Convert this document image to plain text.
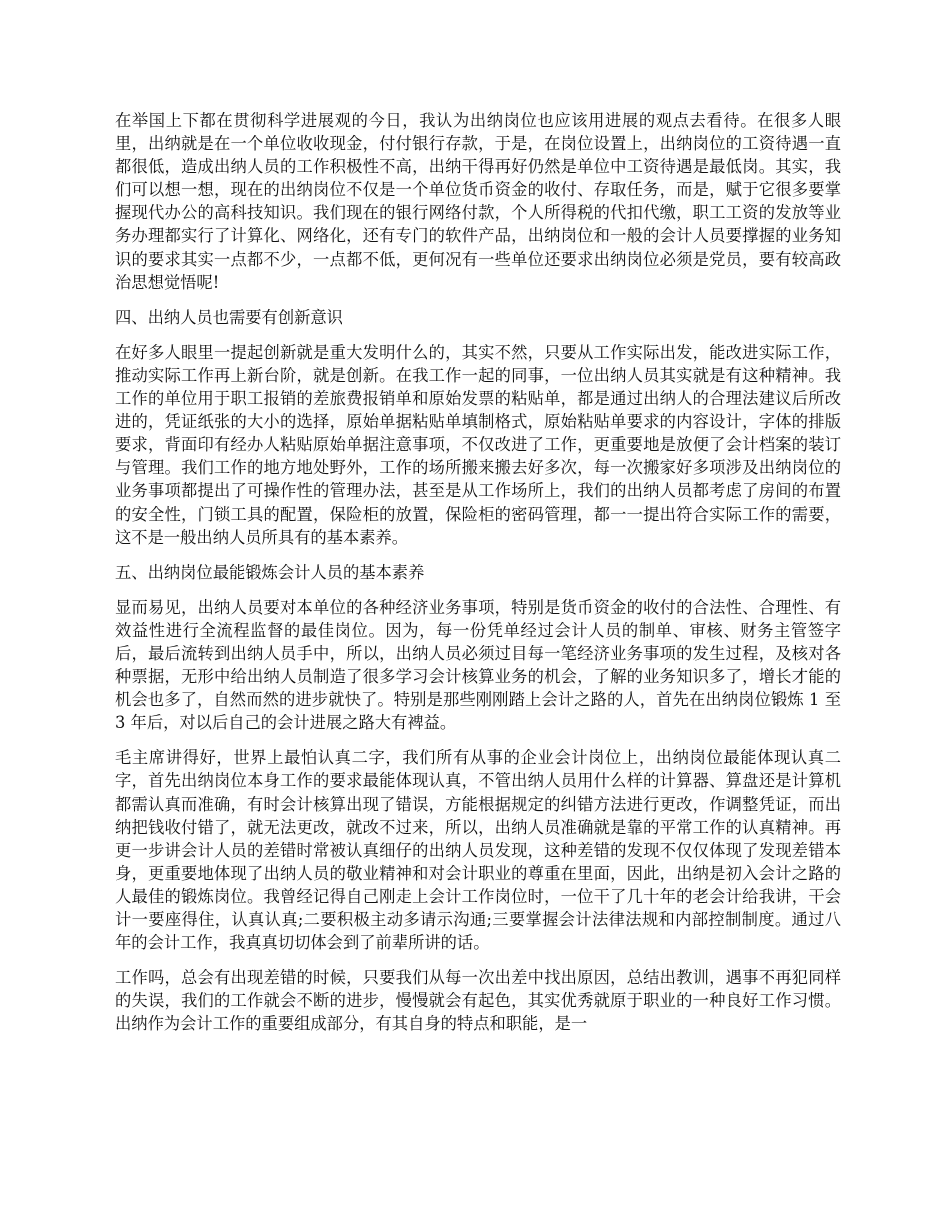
在举国上下都在贯彻科学进展观的今日，我认为出纳岗位也应该用进展的观点去看待。在很多人眼里，出纳就是在一个单位收收现金，付付银行存款，于是，在岗位设置上，出纳岗位的工资待遇一直都很低，造成出纳人员的工作积极性不高，出纳干得再好仍然是单位中工资待遇是最低岗。其实，我们可以想一想，现在的出纳岗位不仅是一个单位货币资金的收付、存取任务，而是，赋于它很多要掌握现代办公的高科技知识。我们现在的银行网络付款，个人所得税的代扣代缴，职工工资的发放等业务办理都实行了计算化、网络化，还有专门的软件产品，出纳岗位和一般的会计人员要撑握的业务知识的要求其实一点都不少，一点都不低，更何况有一些单位还要求出纳岗位必须是党员，要有较高政治思想觉悟呢!

四、出纳人员也需要有创新意识

在好多人眼里一提起创新就是重大发明什么的，其实不然，只要从工作实际出发，能改进实际工作，推动实际工作再上新台阶，就是创新。在我工作一起的同事，一位出纳人员其实就是有这种精神。我工作的单位用于职工报销的差旅费报销单和原始发票的粘贴单，都是通过出纳人的合理法建议后所改进的，凭证纸张的大小的选择，原始单据粘贴单填制格式，原始粘贴单要求的内容设计，字体的排版要求，背面印有经办人粘贴原始单据注意事项，不仅改进了工作，更重要地是放便了会计档案的装订与管理。我们工作的地方地处野外，工作的场所搬来搬去好多次，每一次搬家好多项涉及出纳岗位的业务事项都提出了可操作性的管理办法，甚至是从工作场所上，我们的出纳人员都考虑了房间的布置的安全性，门锁工具的配置，保险柜的放置，保险柜的密码管理，都一一提出符合实际工作的需要，这不是一般出纳人员所具有的基本素养。

五、出纳岗位最能锻炼会计人员的基本素养

显而易见，出纳人员要对本单位的各种经济业务事项，特别是货币资金的收付的合法性、合理性、有效益性进行全流程监督的最佳岗位。因为，每一份凭单经过会计人员的制单、审核、财务主管签字后，最后流转到出纳人员手中，所以，出纳人员必须过目每一笔经济业务事项的发生过程，及核对各种票据，无形中给出纳人员制造了很多学习会计核算业务的机会，了解的业务知识多了，增长才能的机会也多了，自然而然的进步就快了。特别是那些刚刚踏上会计之路的人，首先在出纳岗位锻炼 1 至 3 年后，对以后自己的会计进展之路大有裨益。

毛主席讲得好，世界上最怕认真二字，我们所有从事的企业会计岗位上，出纳岗位最能体现认真二字，首先出纳岗位本身工作的要求最能体现认真，不管出纳人员用什么样的计算器、算盘还是计算机都需认真而准确，有时会计核算出现了错误，方能根据规定的纠错方法进行更改，作调整凭证，而出纳把钱收付错了，就无法更改，就改不过来，所以，出纳人员准确就是靠的平常工作的认真精神。再更一步讲会计人员的差错时常被认真细仔的出纳人员发现，这种差错的发现不仅仅体现了发现差错本身，更重要地体现了出纳人员的敬业精神和对会计职业的尊重在里面，因此，出纳是初入会计之路的人最佳的锻炼岗位。我曾经记得自己刚走上会计工作岗位时，一位干了几十年的老会计给我讲，干会计一要座得住，认真认真;二要积极主动多请示沟通;三要掌握会计法律法规和内部控制制度。通过八年的会计工作，我真真切切体会到了前辈所讲的话。

工作吗，总会有出现差错的时候，只要我们从每一次出差中找出原因，总结出教训，遇事不再犯同样的失误，我们的工作就会不断的进步，慢慢就会有起色，其实优秀就原于职业的一种良好工作习惯。出纳作为会计工作的重要组成部分，有其自身的特点和职能，是一
